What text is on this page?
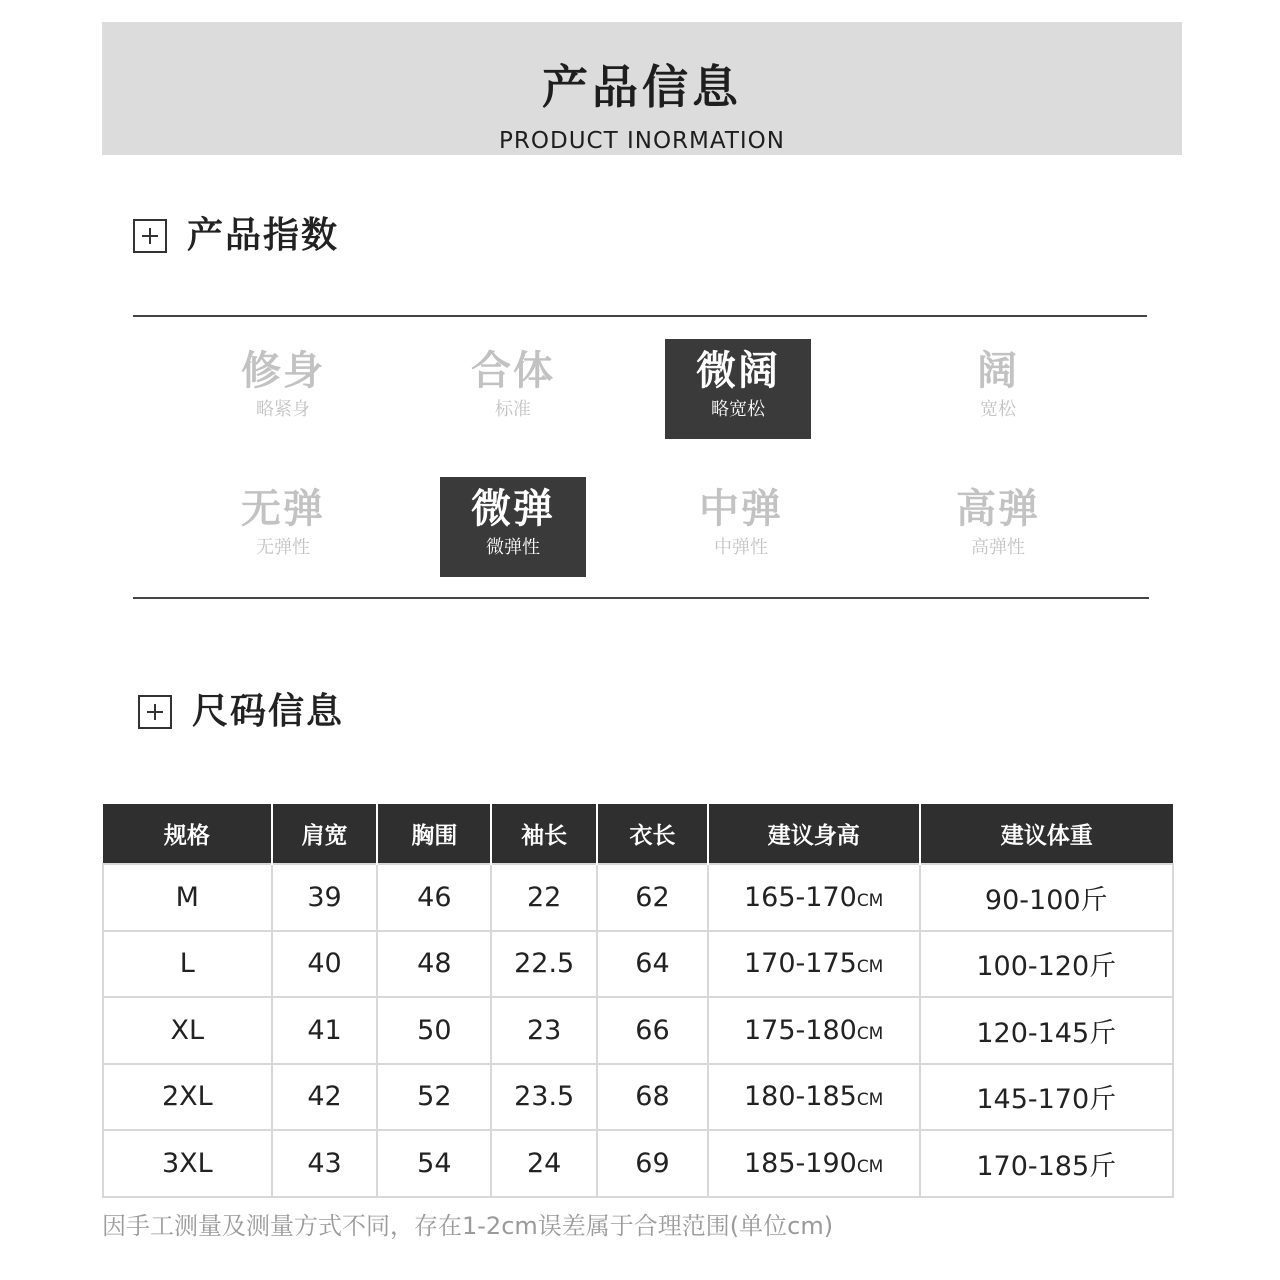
产品信息
PRODUCT INORMATION
产品指数
修身
略紧身
合体
标准
微阔
略宽松
阔
宽松
无弹
无弹性
微弹
微弹性
中弹
中弹性
高弹
高弹性
尺码信息
规格	肩宽	胸围	袖长	衣长	建议身高	建议体重
M	39	46	22	62	165-170CM	90-100斤
L	40	48	22.5	64	170-175CM	100-120斤
XL	41	50	23	66	175-180CM	120-145斤
2XL	42	52	23.5	68	180-185CM	145-170斤
3XL	43	54	24	69	185-190CM	170-185斤
因手工测量及测量方式不同，存在1-2cm误差属于合理范围(单位cm)
